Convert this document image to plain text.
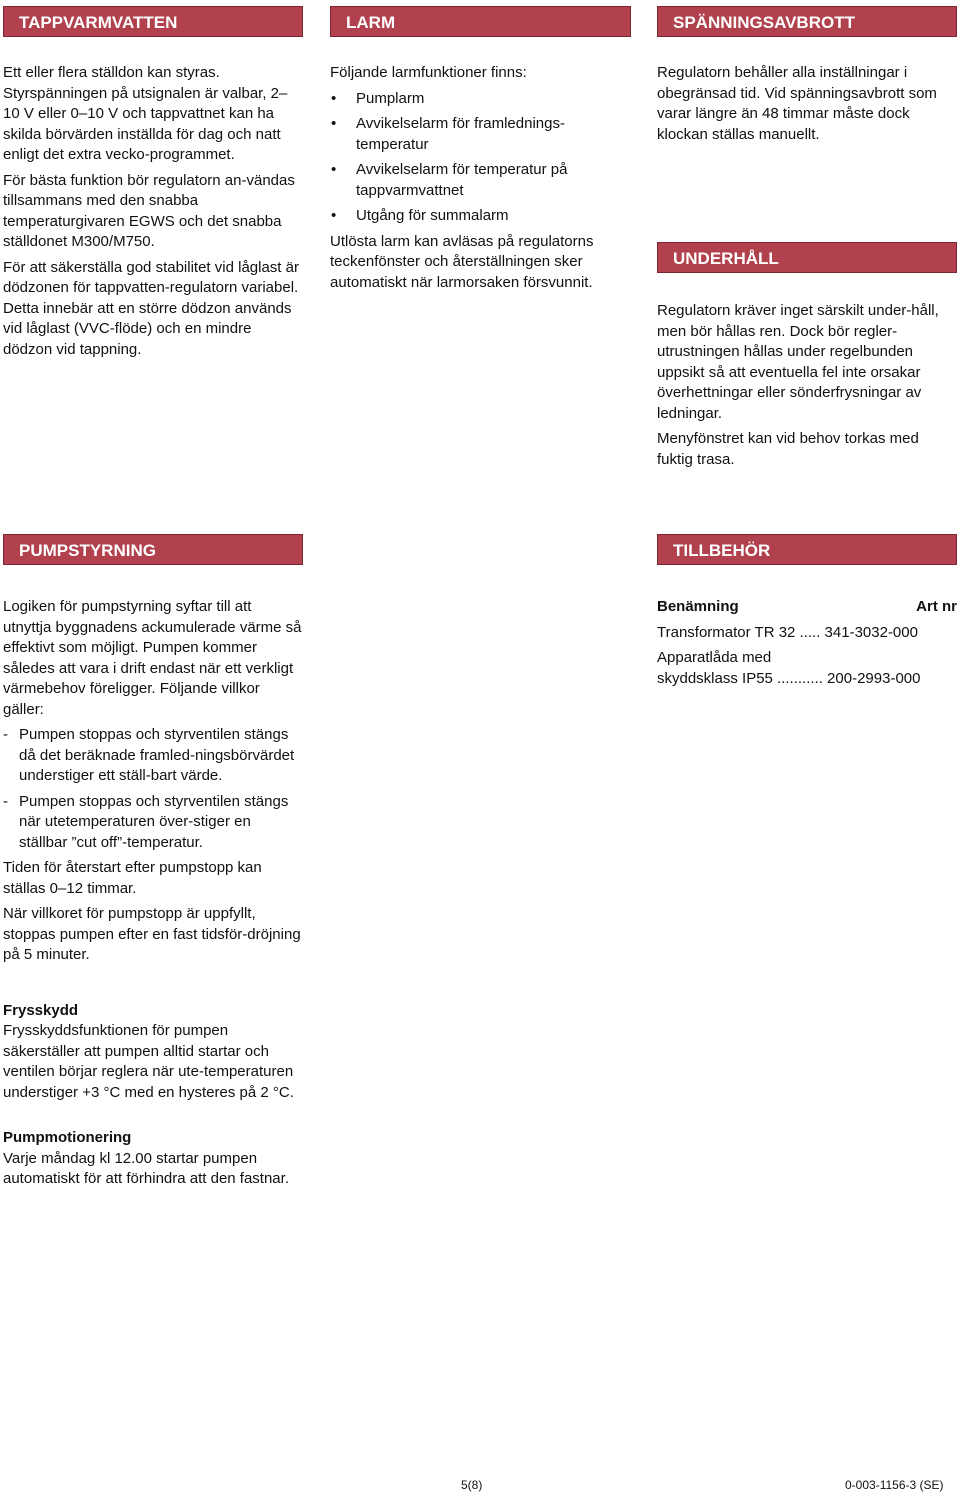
TAPPVARMVATTEN	LARM	SPÄNNINGSAVBROTT

Ett eller flera ställdon kan styras. Styrspänningen på utsignalen är valbar, 2–10 V eller 0–10 V och tappvattnet kan ha skilda börvärden inställda för dag och natt enligt det extra vecko-programmet.

För bästa funktion bör regulatorn an-vändas tillsammans med den snabba temperaturgivaren EGWS och det snabba ställdonet M300/M750.

För att säkerställa god stabilitet vid låglast är dödzonen för tappvatten-regulatorn variabel. Detta innebär att en större dödzon används vid låglast (VVC-flöde) och en mindre dödzon vid tappning.

Följande larmfunktioner finns:

• Pumplarm
• Avvikelselarm för framlednings-temperatur
• Avvikelselarm för temperatur på tappvarmvattnet
• Utgång för summalarm

Utlösta larm kan avläsas på regulatorns teckenfönster och återställningen sker automatiskt när larmorsaken försvunnit.

Regulatorn behåller alla inställningar i obegränsad tid. Vid spänningsavbrott som varar längre än 48 timmar måste dock klockan ställas manuellt.

UNDERHÅLL

Regulatorn kräver inget särskilt under-håll, men bör hållas ren. Dock bör regler-utrustningen hållas under regelbunden uppsikt så att eventuella fel inte orsakar överhettningar eller sönderfrysningar av ledningar.

Menyfönstret kan vid behov torkas med fuktig trasa.

PUMPSTYRNING	TILLBEHÖR

Logiken för pumpstyrning syftar till att utnyttja byggnadens ackumulerade värme så effektivt som möjligt. Pumpen kommer således att vara i drift endast när ett verkligt värmebehov föreligger. Följande villkor gäller:

- Pumpen stoppas och styrventilen stängs då det beräknade framled-ningsbörvärdet understiger ett ställ-bart värde.
- Pumpen stoppas och styrventilen stängs när utetemperaturen över-stiger en ställbar ”cut off”-temperatur.

Tiden för återstart efter pumpstopp kan ställas 0–12 timmar.

När villkoret för pumpstopp är uppfyllt, stoppas pumpen efter en fast tidsför-dröjning på 5 minuter.

Frysskydd
Frysskyddsfunktionen för pumpen säkerställer att pumpen alltid startar och ventilen börjar reglera när ute-temperaturen understiger +3 °C med en hysteres på 2 °C.

Pumpmotionering
Varje måndag kl 12.00 startar pumpen automatiskt för att förhindra att den fastnar.

Benämning	Art nr
Transformator TR 32 ..... 341-3032-000
Apparatlåda med
skyddsklass IP55 ........... 200-2993-000
5(8)	0-003-1156-3 (SE)
